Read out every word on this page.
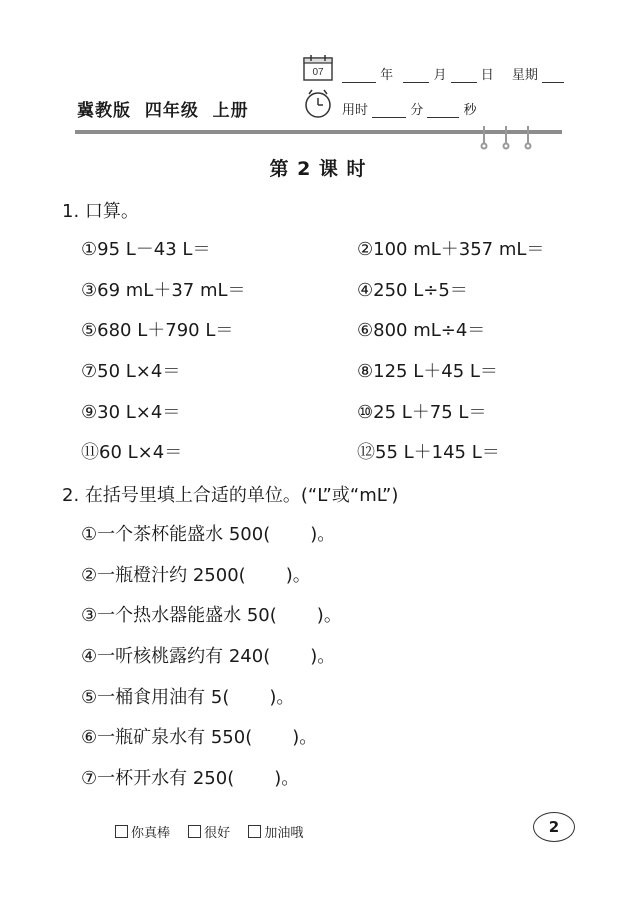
冀教版  四年级  上册
07	年	月	日 星期
用时	分	秒
第 2 课 时
1. 口算。
①95 L－43 L＝	②100 mL＋357 mL＝
③69 mL＋37 mL＝	④250 L÷5＝
⑤680 L＋790 L＝	⑥800 mL÷4＝
⑦50 L×4＝	⑧125 L＋45 L＝
⑨30 L×4＝	⑩25 L＋75 L＝
⑪60 L×4＝	⑫55 L＋145 L＝
2. 在括号里填上合适的单位。(“L”或“mL”)
①一个茶杯能盛水 500( )。
②一瓶橙汁约 2500( )。
③一个热水器能盛水 50( )。
④一听核桃露约有 240( )。
⑤一桶食用油有 5( )。
⑥一瓶矿泉水有 550( )。
⑦一杯开水有 250( )。
你真棒
	很好
	加油哦	2
